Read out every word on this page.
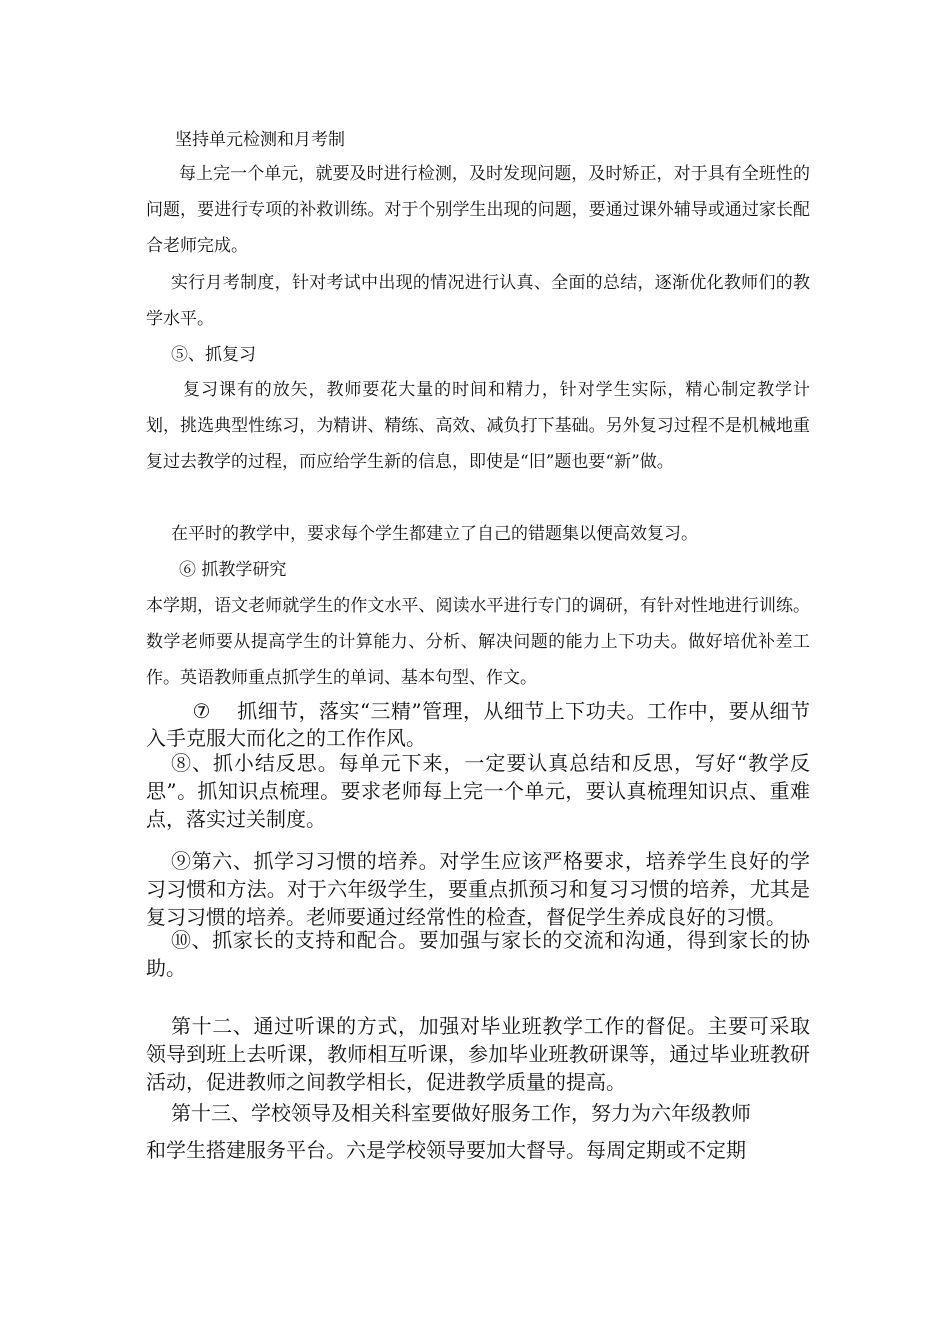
坚持单元检测和月考制

每上完一个单元，就要及时进行检测，及时发现问题，及时矫正，对于具有全班性的问题，要进行专项的补救训练。对于个别学生出现的问题，要通过课外辅导或通过家长配合老师完成。

实行月考制度，针对考试中出现的情况进行认真、全面的总结，逐渐优化教师们的教学水平。

⑤、抓复习

复习课有的放矢，教师要花大量的时间和精力，针对学生实际，精心制定教学计划，挑选典型性练习，为精讲、精练、高效、减负打下基础。另外复习过程不是机械地重复过去教学的过程，而应给学生新的信息，即使是“旧”题也要“新”做。

在平时的教学中，要求每个学生都建立了自己的错题集以便高效复习。

⑥ 抓教学研究

本学期，语文老师就学生的作文水平、阅读水平进行专门的调研，有针对性地进行训练。数学老师要从提高学生的计算能力、分析、解决问题的能力上下功夫。做好培优补差工作。英语教师重点抓学生的单词、基本句型、作文。

⑦ 抓细节，落实“三精”管理，从细节上下功夫。工作中，要从细节入手克服大而化之的工作作风。

⑧、抓小结反思。每单元下来，一定要认真总结和反思，写好“教学反思”。抓知识点梳理。要求老师每上完一个单元，要认真梳理知识点、重难点，落实过关制度。

⑨第六、抓学习习惯的培养。对学生应该严格要求，培养学生良好的学习习惯和方法。对于六年级学生，要重点抓预习和复习习惯的培养，尤其是复习习惯的培养。老师要通过经常性的检查，督促学生养成良好的习惯。

⑩、抓家长的支持和配合。要加强与家长的交流和沟通，得到家长的协助。

第十二、通过听课的方式，加强对毕业班教学工作的督促。主要可采取领导到班上去听课，教师相互听课，参加毕业班教研课等，通过毕业班教研活动，促进教师之间教学相长，促进教学质量的提高。

第十三、学校领导及相关科室要做好服务工作，努力为六年级教师

和学生搭建服务平台。六是学校领导要加大督导。每周定期或不定期
